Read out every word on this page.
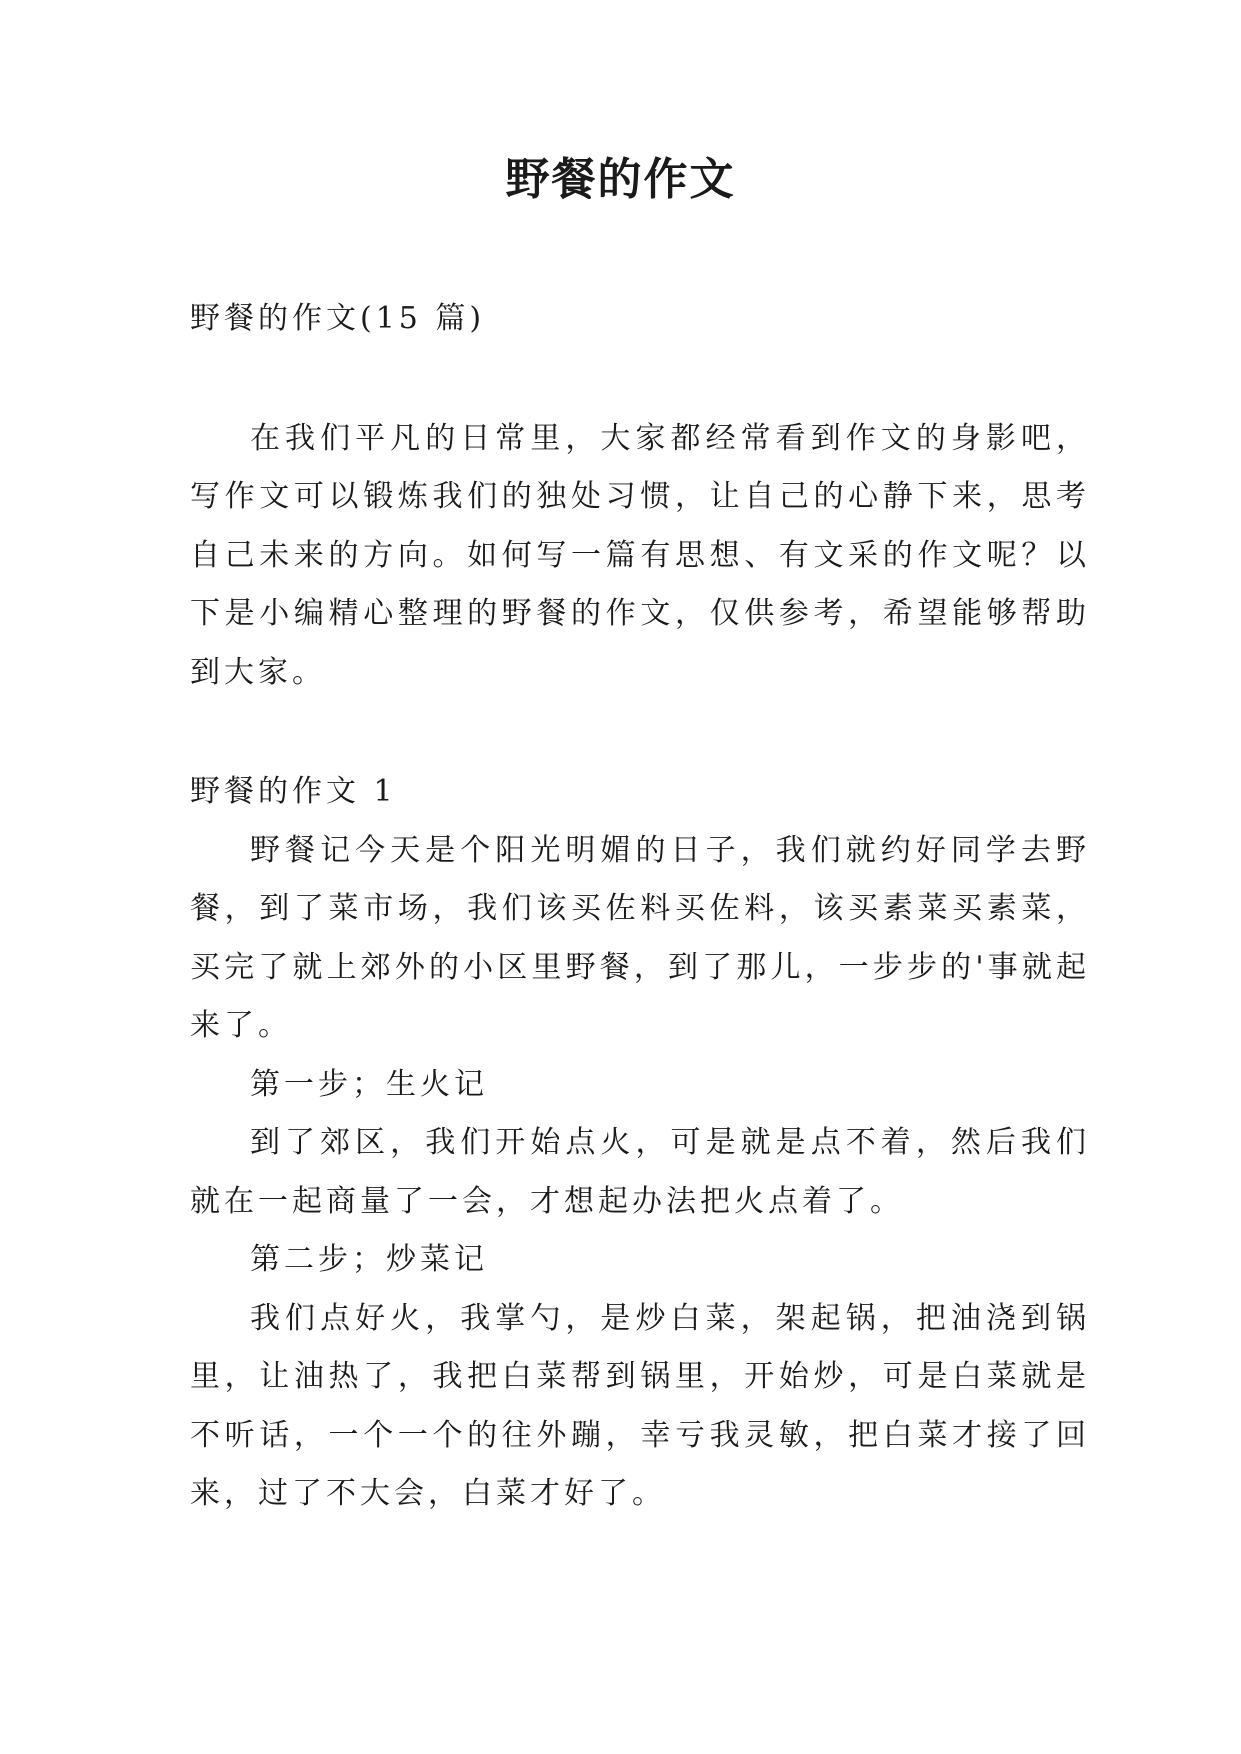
野餐的作文

野餐的作文(15 篇)

在我们平凡的日常里，大家都经常看到作文的身影吧，写作文可以锻炼我们的独处习惯，让自己的心静下来，思考自己未来的方向。如何写一篇有思想、有文采的作文呢？以下是小编精心整理的野餐的作文，仅供参考，希望能够帮助到大家。

野餐的作文 1

野餐记今天是个阳光明媚的日子，我们就约好同学去野餐，到了菜市场，我们该买佐料买佐料，该买素菜买素菜，买完了就上郊外的小区里野餐，到了那儿，一步步的'事就起来了。

第一步；生火记

到了郊区，我们开始点火，可是就是点不着，然后我们就在一起商量了一会，才想起办法把火点着了。

第二步；炒菜记

我们点好火，我掌勺，是炒白菜，架起锅，把油浇到锅里，让油热了，我把白菜帮到锅里，开始炒，可是白菜就是不听话，一个一个的往外蹦，幸亏我灵敏，把白菜才接了回来，过了不大会，白菜才好了。
